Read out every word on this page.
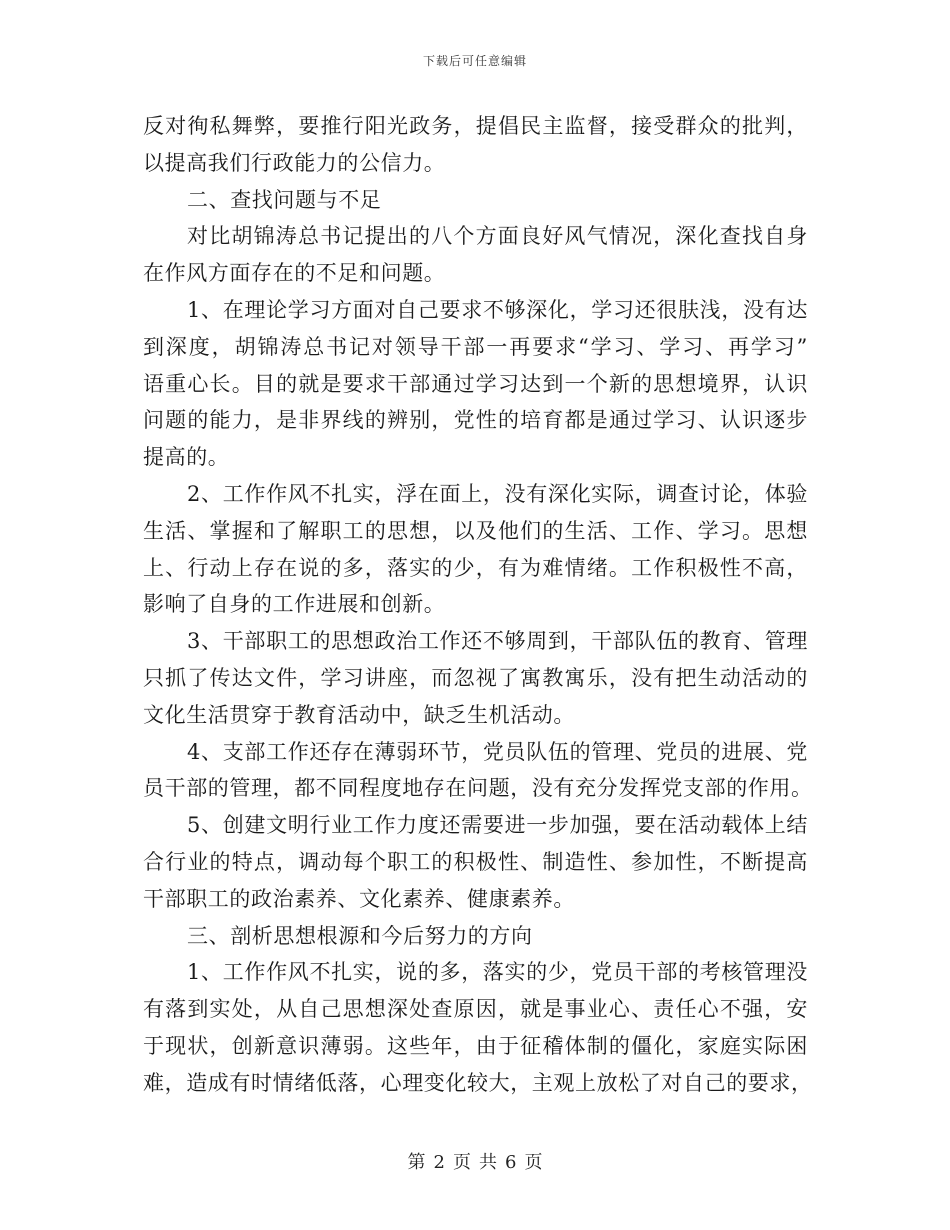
下载后可任意编辑
反对徇私舞弊，要推行阳光政务，提倡民主监督，接受群众的批判，
以提高我们行政能力的公信力。
二、查找问题与不足
对比胡锦涛总书记提出的八个方面良好风气情况，深化查找自身
在作风方面存在的不足和问题。
1、在理论学习方面对自己要求不够深化，学习还很肤浅，没有达
到深度，胡锦涛总书记对领导干部一再要求“学习、学习、再学习”
语重心长。目的就是要求干部通过学习达到一个新的思想境界，认识
问题的能力，是非界线的辨别，党性的培育都是通过学习、认识逐步
提高的。
2、工作作风不扎实，浮在面上，没有深化实际，调查讨论，体验
生活、掌握和了解职工的思想，以及他们的生活、工作、学习。思想
上、行动上存在说的多，落实的少，有为难情绪。工作积极性不高，
影响了自身的工作进展和创新。
3、干部职工的思想政治工作还不够周到，干部队伍的教育、管理
只抓了传达文件，学习讲座，而忽视了寓教寓乐，没有把生动活动的
文化生活贯穿于教育活动中，缺乏生机活动。
4、支部工作还存在薄弱环节，党员队伍的管理、党员的进展、党
员干部的管理，都不同程度地存在问题，没有充分发挥党支部的作用。
5、创建文明行业工作力度还需要进一步加强，要在活动载体上结
合行业的特点，调动每个职工的积极性、制造性、参加性，不断提高
干部职工的政治素养、文化素养、健康素养。
三、剖析思想根源和今后努力的方向
1、工作作风不扎实，说的多，落实的少，党员干部的考核管理没
有落到实处，从自己思想深处查原因，就是事业心、责任心不强，安
于现状，创新意识薄弱。这些年，由于征稽体制的僵化，家庭实际困
难，造成有时情绪低落，心理变化较大，主观上放松了对自己的要求，
第 2 页 共 6 页
